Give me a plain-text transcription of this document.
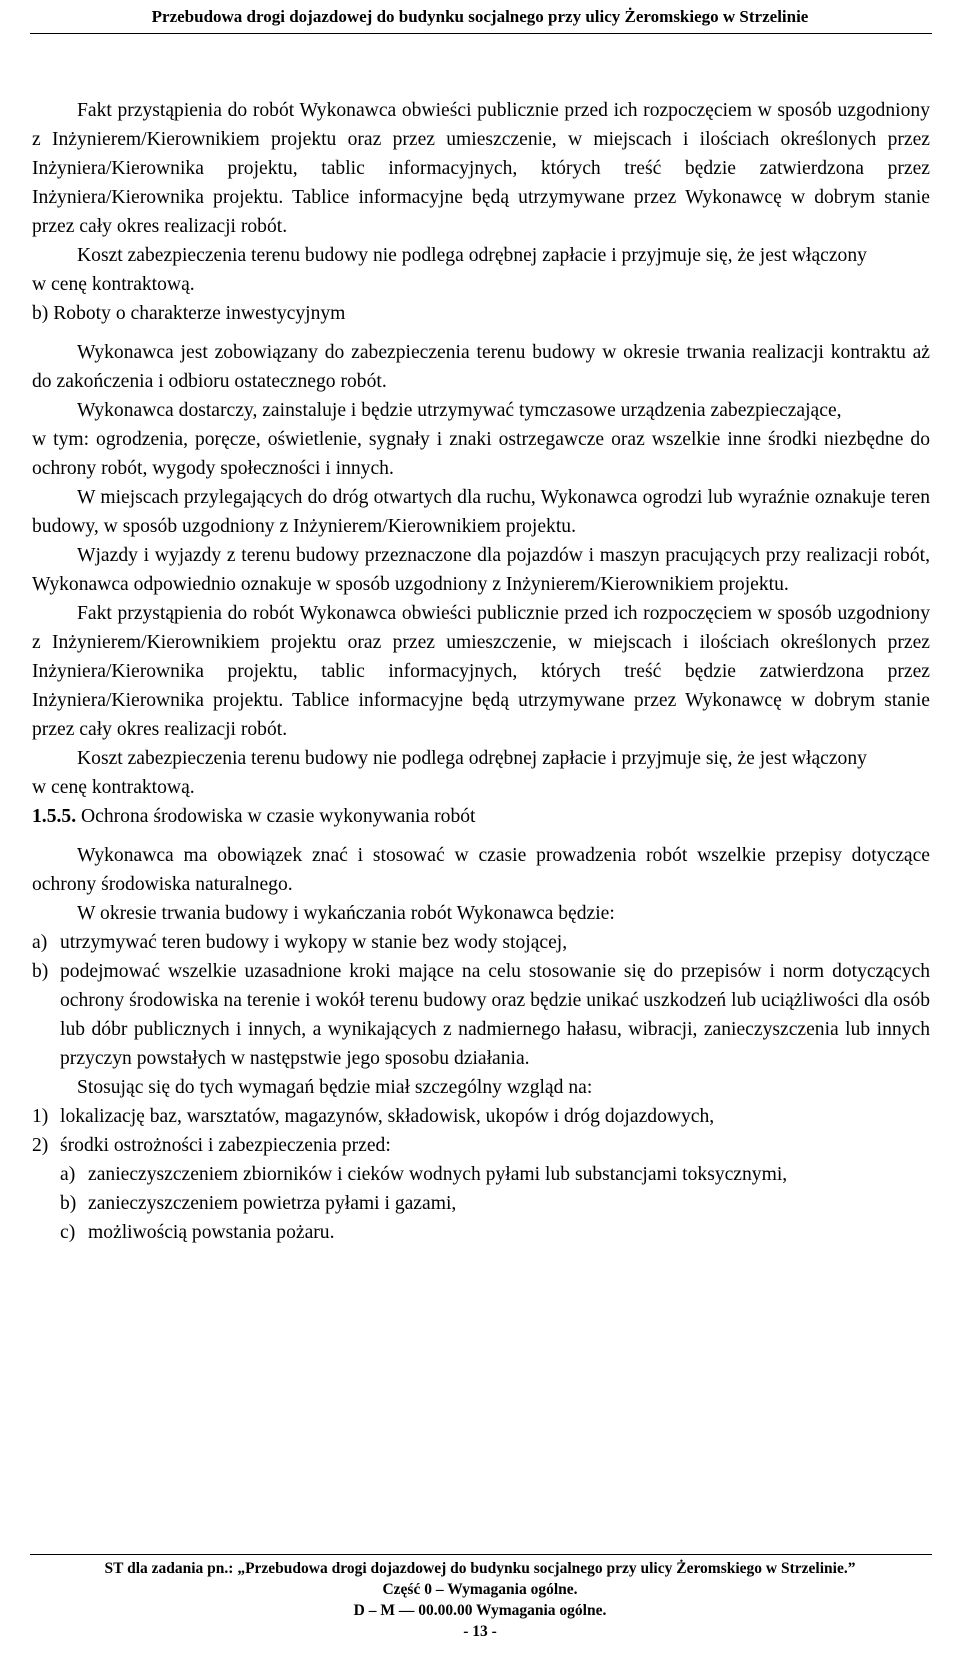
Przebudowa drogi dojazdowej do budynku socjalnego przy ulicy Żeromskiego w Strzelinie

Fakt przystąpienia do robót Wykonawca obwieści publicznie przed ich rozpoczęciem w sposób uzgodniony z Inżynierem/Kierownikiem projektu oraz przez umieszczenie, w miejscach i ilościach określonych przez Inżyniera/Kierownika projektu, tablic informacyjnych, których treść będzie zatwierdzona przez Inżyniera/Kierownika projektu. Tablice informacyjne będą utrzymywane przez Wykonawcę w dobrym stanie przez cały okres realizacji robót.

Koszt zabezpieczenia terenu budowy nie podlega odrębnej zapłacie i przyjmuje się, że jest włączony

w cenę kontraktową.

b) Roboty o charakterze inwestycyjnym

Wykonawca jest zobowiązany do zabezpieczenia terenu budowy w okresie trwania realizacji kontraktu aż do zakończenia i odbioru ostatecznego robót.

Wykonawca dostarczy, zainstaluje i będzie utrzymywać tymczasowe urządzenia zabezpieczające,

w tym: ogrodzenia, poręcze, oświetlenie, sygnały i znaki ostrzegawcze oraz wszelkie inne środki niezbędne do ochrony robót, wygody społeczności i innych.

W miejscach przylegających do dróg otwartych dla ruchu, Wykonawca ogrodzi lub wyraźnie oznakuje teren budowy, w sposób uzgodniony z Inżynierem/Kierownikiem projektu.

Wjazdy i wyjazdy z terenu budowy przeznaczone dla pojazdów i maszyn pracujących przy realizacji robót, Wykonawca odpowiednio oznakuje w sposób uzgodniony z Inżynierem/Kierownikiem projektu.

Fakt przystąpienia do robót Wykonawca obwieści publicznie przed ich rozpoczęciem w sposób uzgodniony z Inżynierem/Kierownikiem projektu oraz przez umieszczenie, w miejscach i ilościach określonych przez Inżyniera/Kierownika projektu, tablic informacyjnych, których treść będzie zatwierdzona przez Inżyniera/Kierownika projektu. Tablice informacyjne będą utrzymywane przez Wykonawcę w dobrym stanie przez cały okres realizacji robót.

Koszt zabezpieczenia terenu budowy nie podlega odrębnej zapłacie i przyjmuje się, że jest włączony

w cenę kontraktową.

1.5.5. Ochrona środowiska w czasie wykonywania robót

Wykonawca ma obowiązek znać i stosować w czasie prowadzenia robót wszelkie przepisy dotyczące ochrony środowiska naturalnego.

W okresie trwania budowy i wykańczania robót Wykonawca będzie:

a) utrzymywać teren budowy i wykopy w stanie bez wody stojącej,
b) podejmować wszelkie uzasadnione kroki mające na celu stosowanie się do przepisów i norm dotyczących ochrony środowiska na terenie i wokół terenu budowy oraz będzie unikać uszkodzeń lub uciążliwości dla osób lub dóbr publicznych i innych, a wynikających z nadmiernego hałasu, wibracji, zanieczyszczenia lub innych przyczyn powstałych w następstwie jego sposobu działania.

Stosując się do tych wymagań będzie miał szczególny wzgląd na:

1) lokalizację baz, warsztatów, magazynów, składowisk, ukopów i dróg dojazdowych,
2) środki ostrożności i zabezpieczenia przed:
a) zanieczyszczeniem zbiorników i cieków wodnych pyłami lub substancjami toksycznymi,
b) zanieczyszczeniem powietrza pyłami i gazami,
c) możliwością powstania pożaru.
ST dla zadania pn.: „Przebudowa drogi dojazdowej do budynku socjalnego przy ulicy Żeromskiego w Strzelinie.”
Część 0 – Wymagania ogólne.
D – M — 00.00.00 Wymagania ogólne.
- 13 -
